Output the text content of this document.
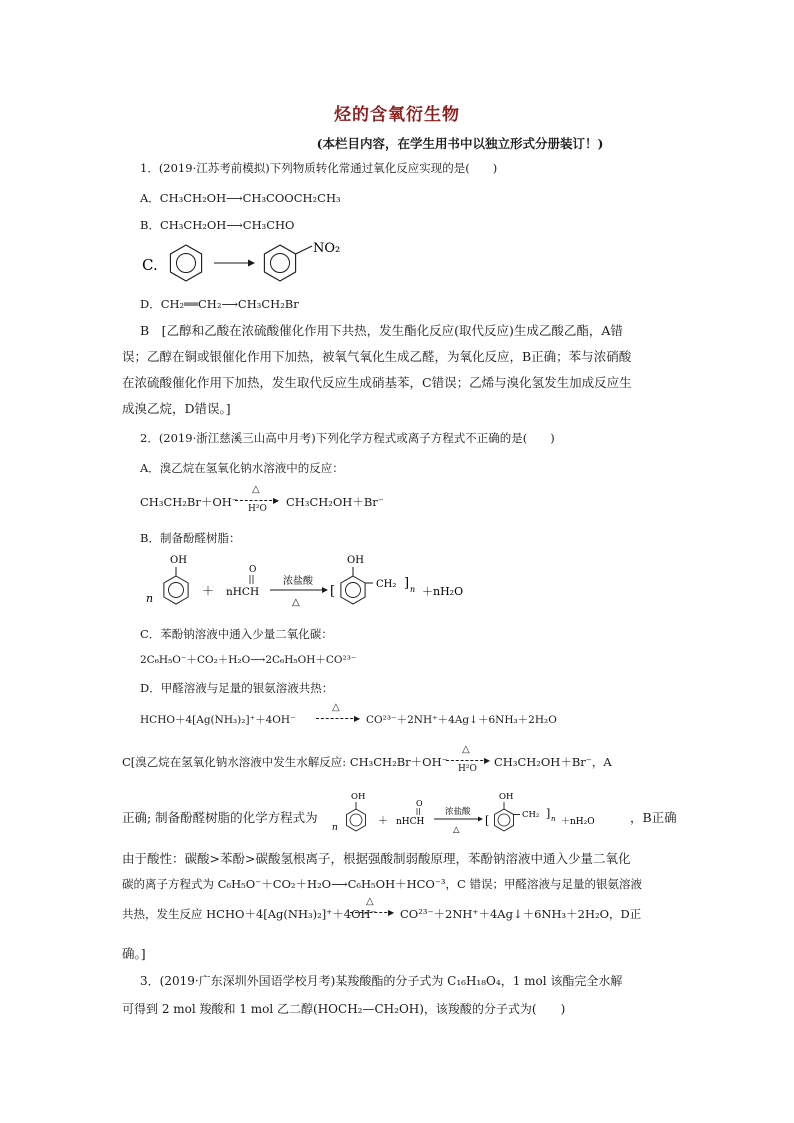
烃的含氧衍生物
(本栏目内容，在学生用书中以独立形式分册装订！)
1．(2019·江苏考前模拟)下列物质转化常通过氧化反应实现的是(　　)
A．CH₃CH₂OH⟶CH₃COOCH₂CH₃
B．CH₃CH₂OH⟶CH₃CHO
C.
NO₂
D．CH₂══CH₂⟶CH₃CH₂Br
B　[乙醇和乙酸在浓硫酸催化作用下共热，发生酯化反应(取代反应)生成乙酸乙酯，A错
误；乙醇在铜或银催化作用下加热，被氧气氧化生成乙醛，为氧化反应，B正确；苯与浓硝酸
在浓硫酸催化作用下加热，发生取代反应生成硝基苯，C错误；乙烯与溴化氢发生加成反应生
成溴乙烷，D错误。]
2．(2019·浙江慈溪三山高中月考)下列化学方程式或离子方程式不正确的是(　　)
A．溴乙烷在氢氧化钠水溶液中的反应：
CH₃CH₂Br＋OH⁻
△
▶
H²O CH₃CH₂OH＋Br⁻
B．制备酚醛树脂：
n
OH
＋ nHCH
O
浓盐酸
△
[
OH
CH₂ ] n ＋nH₂O
C．苯酚钠溶液中通入少量二氧化碳：
2C₆H₅O⁻＋CO₂＋H₂O⟶2C₆H₅OH＋CO²³⁻
D．甲醛溶液与足量的银氨溶液共热：
HCHO＋4[Ag(NH₃)₂]⁺＋4OH⁻
△
▶ CO²³⁻＋2NH⁺＋4Ag↓＋6NH₃＋2H₂O
C[溴乙烷在氢氧化钠水溶液中发生水解反应: CH₃CH₂Br＋OH⁻
△
▶
H²O CH₃CH₂OH＋Br⁻，A
正确; 制备酚醛树脂的化学方程式为
n
OH
＋ nHCH
O
浓盐酸
△
[
OH
CH₂ ] n ＋nH₂O	，B正确
由于酸性：碳酸>苯酚>碳酸氢根离子，根据强酸制弱酸原理，苯酚钠溶液中通入少量二氧化
碳的离子方程式为 C₆H₅O⁻＋CO₂＋H₂O⟶C₆H₅OH＋HCO⁻³，C 错误；甲醛溶液与足量的银氨溶液
共热，发生反应 HCHO＋4[Ag(NH₃)₂]⁺＋4OH⁻
△
▶ CO²³⁻＋2NH⁺＋4Ag↓＋6NH₃＋2H₂O，D正
确。]
3．(2019·广东深圳外国语学校月考)某羧酸酯的分子式为 C₁₆H₁₈O₄，1 mol 该酯完全水解
可得到 2 mol 羧酸和 1 mol 乙二醇(HOCH₂—CH₂OH)，该羧酸的分子式为(　　)
